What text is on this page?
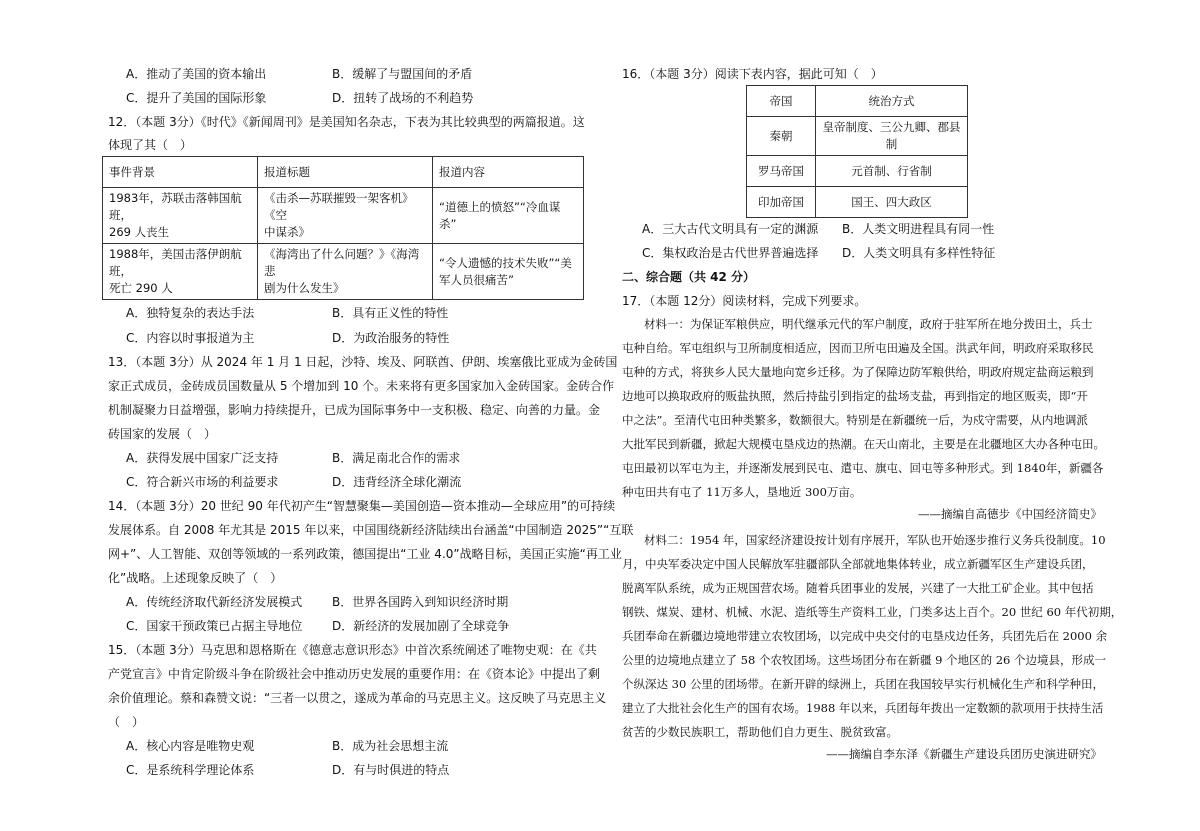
A．推动了美国的资本输出	B．缓解了与盟国间的矛盾
C．提升了美国的国际形象	D．扭转了战场的不利趋势
12．（本题 3分）《时代》《新闻周刊》是美国知名杂志，下表为其比较典型的两篇报道。这
体现了其（　）
事件背景	报道标题	报道内容
1983年，苏联击落韩国航班，
269 人丧生	《击杀—苏联摧毁一架客机》《空
中谋杀》	“道德上的愤怒”“冷血谋杀”
1988年，美国击落伊朗航班，
死亡 290 人	《海湾出了什么问题？》《海湾悲
剧为什么发生》	“令人遗憾的技术失败”“美
军人员很痛苦”
A．独特复杂的表达手法	B．具有正义性的特性
C．内容以时事报道为主	D．为政治服务的特性
13．（本题 3分）从 2024 年 1 月 1 日起，沙特、埃及、阿联酋、伊朗、埃塞俄比亚成为金砖国
家正式成员，金砖成员国数量从 5 个增加到 10 个。未来将有更多国家加入金砖国家。金砖合作
机制凝聚力日益增强，影响力持续提升，已成为国际事务中一支积极、稳定、向善的力量。金
砖国家的发展（　）
A．获得发展中国家广泛支持	B．满足南北合作的需求
C．符合新兴市场的利益要求	D．违背经济全球化潮流
14．（本题 3分）20 世纪 90 年代初产生“智慧聚集—美国创造—资本推动—全球应用”的可持续
发展体系。自 2008 年尤其是 2015 年以来，中国围绕新经济陆续出台涵盖“中国制造 2025”“互联
网+”、人工智能、双创等领域的一系列政策，德国提出“工业 4.0”战略目标，美国正实施“再工业
化”战略。上述现象反映了（　）
A．传统经济取代新经济发展模式 B．世界各国跨入到知识经济时期
C．国家干预政策已占据主导地位 D．新经济的发展加剧了全球竞争
15．（本题 3分）马克思和恩格斯在《德意志意识形态》中首次系统阐述了唯物史观：在《共
产党宣言》中肯定阶级斗争在阶级社会中推动历史发展的重要作用：在《资本论》中提出了剩
余价值理论。蔡和森赞文说：“三者一以贯之，遂成为革命的马克思主义。这反映了马克思主义
（　）
A．核心内容是唯物史观	B．成为社会思想主流
C．是系统科学理论体系	D．有与时俱进的特点
16．（本题 3分）阅读下表内容，据此可知（　）
帝国	统治方式
秦朝	皇帝制度、三公九卿、郡县制
罗马帝国	元首制、行省制
印加帝国	国王、四大政区
A．三大古代文明具有一定的渊源 B．人类文明进程具有同一性
C．集权政治是古代世界普遍选择 D．人类文明具有多样性特征
二、综合题（共 42 分）
17．（本题 12分）阅读材料，完成下列要求。
材料一：为保证军粮供应，明代继承元代的军户制度，政府于驻军所在地分拨田土，兵士
屯种自给。军屯组织与卫所制度相适应，因而卫所屯田遍及全国。洪武年间，明政府采取移民
屯种的方式，将狭乡人民大量地向宽乡迁移。为了保障边防军粮供给，明政府规定盐商运粮到
边地可以换取政府的贩盐执照，然后持盐引到指定的盐场支盐，再到指定的地区贩卖，即“开
中之法”。至清代屯田种类繁多，数额很大。特别是在新疆统一后，为戍守需要，从内地调派
大批军民到新疆，掀起大规模屯垦戍边的热潮。在天山南北，主要是在北疆地区大办各种屯田。
屯田最初以军屯为主，并逐渐发展到民屯、遣屯、旗屯、回屯等多种形式。到 1840年，新疆各
种屯田共有屯了 11万多人，垦地近 300万亩。
——摘编自高德步《中国经济简史》
材料二：1954 年，国家经济建设按计划有序展开，军队也开始逐步推行义务兵役制度。10
月，中央军委决定中国人民解放军驻疆部队全部就地集体转业，成立新疆军区生产建设兵团，
脱离军队系统，成为正规国营农场。随着兵团事业的发展，兴建了一大批工矿企业。其中包括
钢铁、煤炭、建材、机械、水泥、造纸等生产资料工业，门类多达上百个。20 世纪 60 年代初期，
兵团奉命在新疆边境地带建立农牧团场，以完成中央交付的屯垦戍边任务，兵团先后在 2000 余
公里的边境地点建立了 58 个农牧团场。这些场团分布在新疆 9 个地区的 26 个边境县，形成一
个纵深达 30 公里的团场带。在新开辟的绿洲上，兵团在我国较早实行机械化生产和科学种田，
建立了大批社会化生产的国有农场。1988 年以来，兵团每年拨出一定数额的款项用于扶持生活
贫苦的少数民族职工，帮助他们自力更生、脱贫致富。
——摘编自李东泽《新疆生产建设兵团历史演进研究》
